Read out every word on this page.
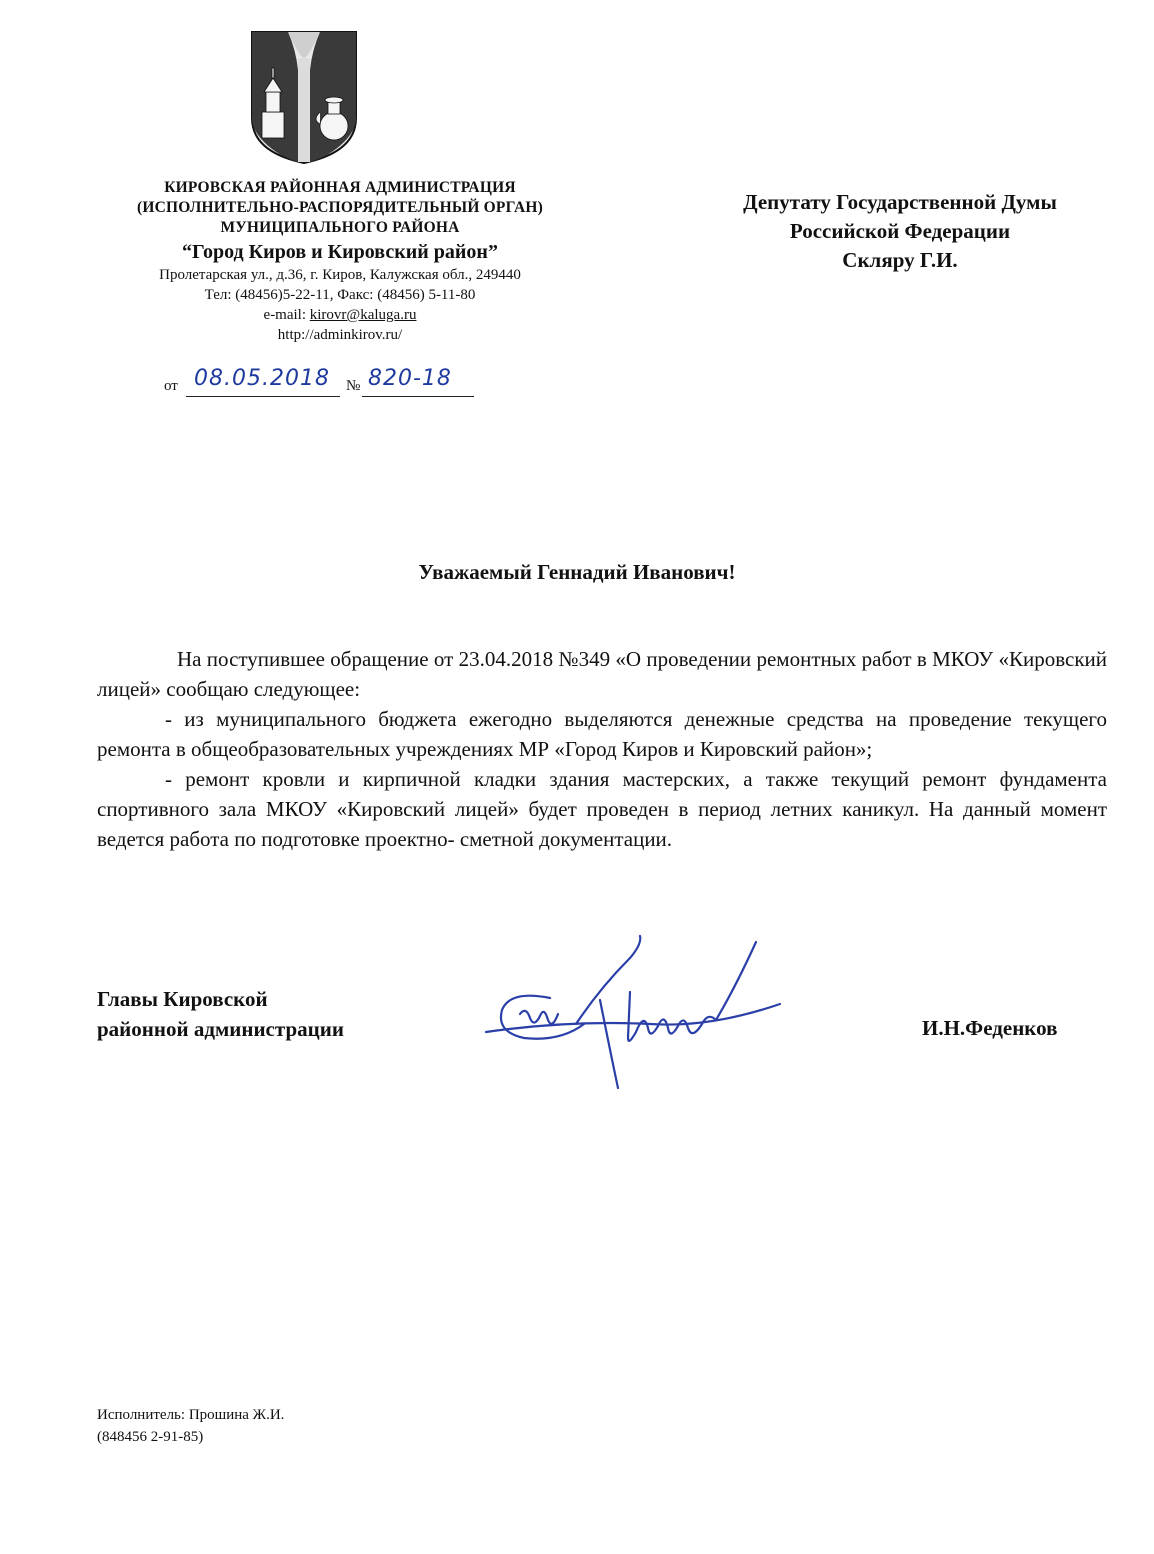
КИРОВСКАЯ РАЙОННАЯ АДМИНИСТРАЦИЯ
(ИСПОЛНИТЕЛЬНО-РАСПОРЯДИТЕЛЬНЫЙ ОРГАН)
МУНИЦИПАЛЬНОГО РАЙОНА
“Город Киров и Кировский район”
Пролетарская ул., д.36, г. Киров, Калужская обл., 249440
Тел: (48456)5-22-11, Факс: (48456) 5-11-80
e-mail: kirovr@kaluga.ru
http://adminkirov.ru/
от 08.05.2018 № 820-18
Депутату Государственной Думы
Российской Федерации
Скляру Г.И.
Уважаемый Геннадий Иванович!

На поступившее обращение от 23.04.2018 №349 «О проведении ремонтных работ в МКОУ «Кировский лицей» сообщаю следующее:

- из муниципального бюджета ежегодно выделяются денежные средства на проведение текущего ремонта в общеобразовательных учреждениях МР «Город Киров и Кировский район»;

- ремонт кровли и кирпичной кладки здания мастерских, а также текущий ремонт фундамента спортивного зала МКОУ «Кировский лицей» будет проведен в период летних каникул. На данный момент ведется работа по подготовке проектно- сметной документации.

Главы Кировской
районной администрации	И.Н.Феденков
Исполнитель: Прошина Ж.И.
(848456 2-91-85)
